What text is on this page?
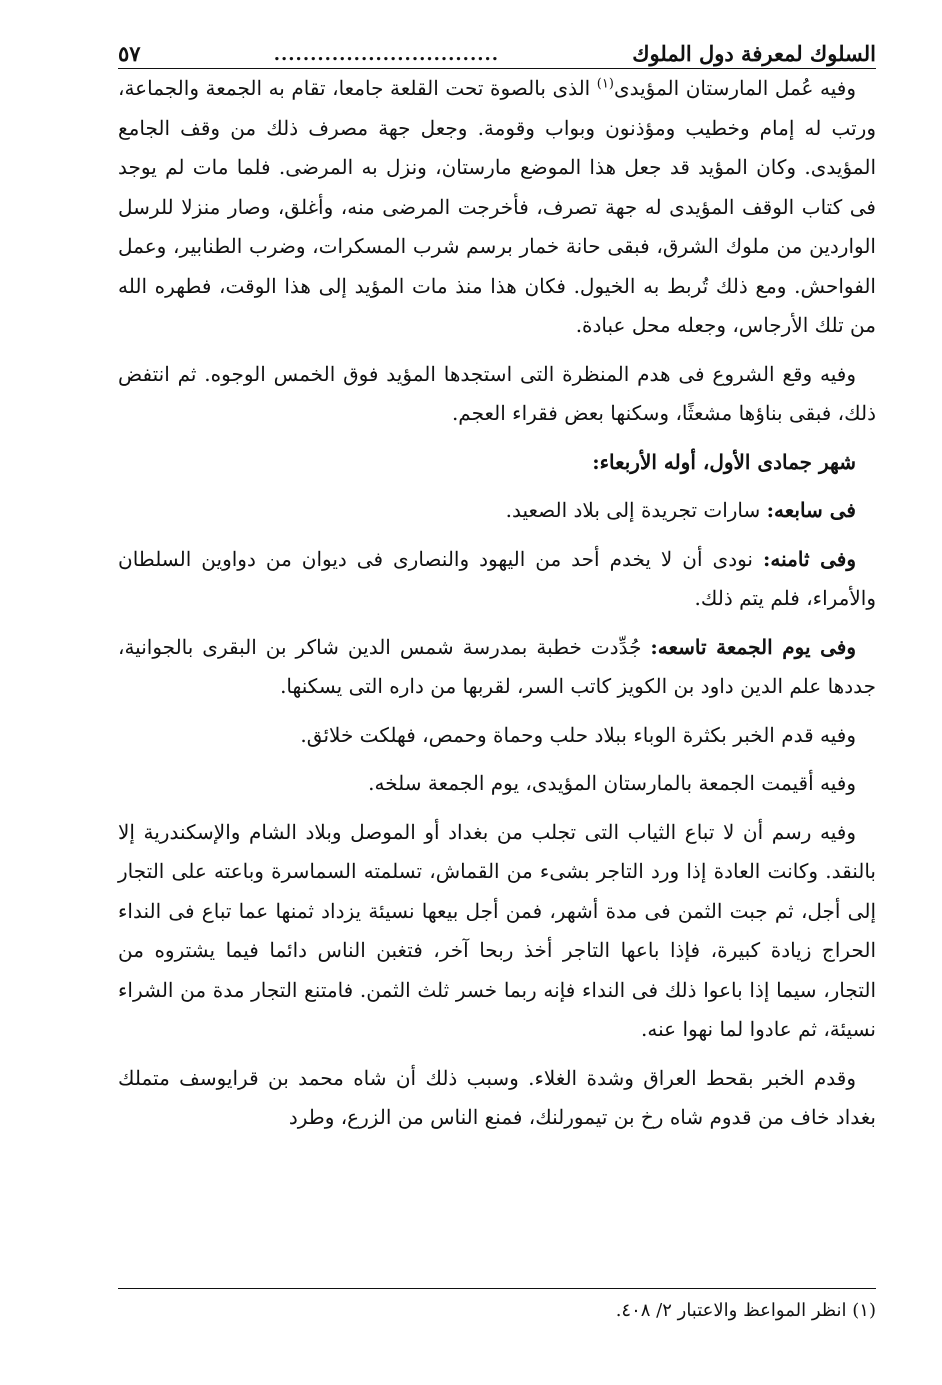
السلوك لمعرفة دول الملوك
...............................
٥٧

وفيه عُمل المارستان المؤيدى$^{(١)}$ الذى بالصوة تحت القلعة جامعا، تقام به الجمعة والجماعة، ورتب له إمام وخطيب ومؤذنون وبواب وقومة. وجعل جهة مصرف ذلك من وقف الجامع المؤيدى. وكان المؤيد قد جعل هذا الموضع مارستان، ونزل به المرضى. فلما مات لم يوجد فى كتاب الوقف المؤيدى له جهة تصرف، فأخرجت المرضى منه، وأغلق، وصار منزلا للرسل الواردين من ملوك الشرق، فبقى حانة خمار برسم شرب المسكرات، وضرب الطنابير، وعمل الفواحش. ومع ذلك تُربط به الخيول. فكان هذا منذ مات المؤيد إلى هذا الوقت، فطهره الله من تلك الأرجاس، وجعله محل عبادة.

وفيه وقع الشروع فى هدم المنظرة التى استجدها المؤيد فوق الخمس الوجوه. ثم انتفض ذلك، فبقى بناؤها مشعثًا، وسكنها بعض فقراء العجم.

شهر جمادى الأول، أوله الأربعاء:

فى سابعه: سارات تجريدة إلى بلاد الصعيد.

وفى ثامنه: نودى أن لا يخدم أحد من اليهود والنصارى فى ديوان من دواوين السلطان والأمراء، فلم يتم ذلك.

وفى يوم الجمعة تاسعه: جُدِّدت خطبة بمدرسة شمس الدين شاكر بن البقرى بالجوانية، جددها علم الدين داود بن الكويز كاتب السر، لقربها من داره التى يسكنها.

وفيه قدم الخبر بكثرة الوباء ببلاد حلب وحماة وحمص، فهلكت خلائق.

وفيه أقيمت الجمعة بالمارستان المؤيدى، يوم الجمعة سلخه.

وفيه رسم أن لا تباع الثياب التى تجلب من بغداد أو الموصل وبلاد الشام والإسكندرية إلا بالنقد. وكانت العادة إذا ورد التاجر بشىء من القماش، تسلمته السماسرة وباعته على التجار إلى أجل، ثم جبت الثمن فى مدة أشهر، فمن أجل بيعها نسيئة يزداد ثمنها عما تباع فى النداء الحراج زيادة كبيرة، فإذا باعها التاجر أخذ ربحا آخر، فتغبن الناس دائما فيما يشتروه من التجار، سيما إذا باعوا ذلك فى النداء فإنه ربما خسر ثلث الثمن. فامتنع التجار مدة من الشراء نسيئة، ثم عادوا لما نهوا عنه.

وقدم الخبر بقحط العراق وشدة الغلاء. وسبب ذلك أن شاه محمد بن قرايوسف متملك بغداد خاف من قدوم شاه رخ بن تيمورلنك، فمنع الناس من الزرع، وطرد

(١) انظر المواعظ والاعتبار ٢/ ٤٠٨.
